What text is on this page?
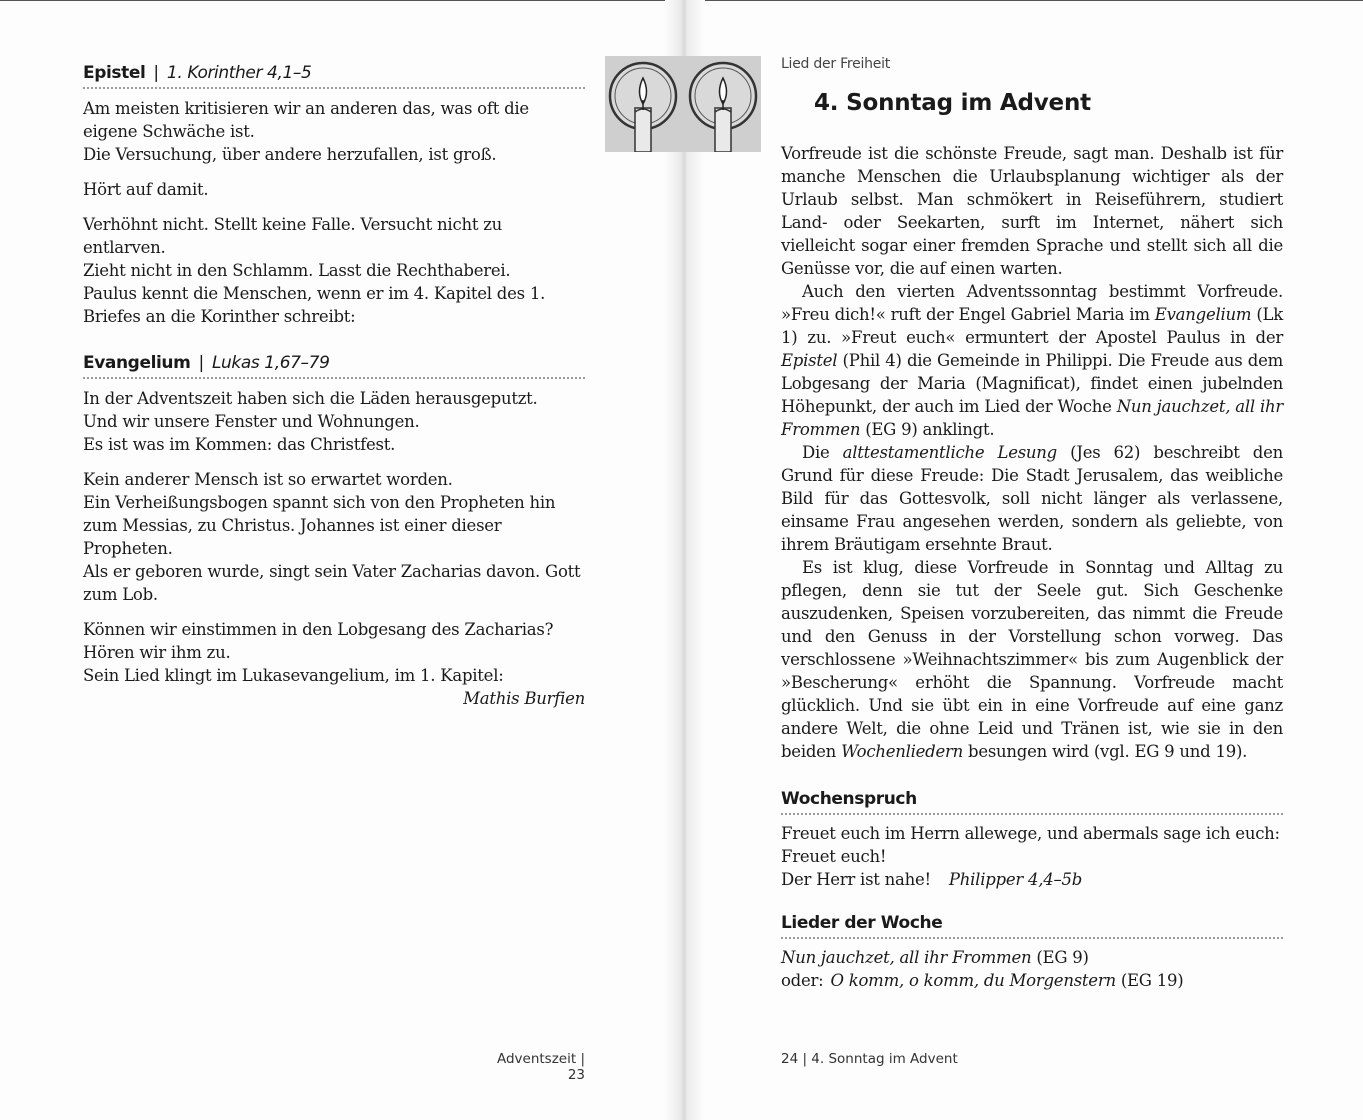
Epistel | 1. Korinther 4,1–5

Am meisten kritisieren wir an anderen das, was oft die eigene Schwäche ist.

Die Versuchung, über andere herzufallen, ist groß.

Hört auf damit.

Verhöhnt nicht. Stellt keine Falle. Versucht nicht zu entlarven.

Zieht nicht in den Schlamm. Lasst die Rechthaberei.

Paulus kennt die Menschen, wenn er im 4. Kapitel des 1. Briefes an die Korinther schreibt:

Evangelium | Lukas 1,67–79

In der Adventszeit haben sich die Läden herausgeputzt.

Und wir unsere Fenster und Wohnungen.

Es ist was im Kommen: das Christfest.

Kein anderer Mensch ist so erwartet worden.

Ein Verheißungsbogen spannt sich von den Propheten hin zum Messias, zu Christus. Johannes ist einer dieser Propheten.

Als er geboren wurde, singt sein Vater Zacharias davon. Gott zum Lob.

Können wir einstimmen in den Lobgesang des Zacharias?

Hören wir ihm zu.

Sein Lied klingt im Lukasevangelium, im 1. Kapitel:

Mathis Burfien

Adventszeit | 23
Lied der Freiheit
4. Sonntag im Advent

Vorfreude ist die schönste Freude, sagt man. Deshalb ist für manche Menschen die Urlaubsplanung wichtiger als der Urlaub selbst. Man schmökert in Reiseführern, studiert Land- oder Seekarten, surft im Internet, nähert sich vielleicht sogar einer fremden Sprache und stellt sich all die Genüsse vor, die auf einen warten.

Auch den vierten Adventssonntag bestimmt Vorfreude. »Freu dich!« ruft der Engel Gabriel Maria im Evangelium (Lk 1) zu. »Freut euch« ermuntert der Apostel Paulus in der Epistel (Phil 4) die Gemeinde in Philippi. Die Freude aus dem Lobgesang der Maria (Magnificat), findet einen jubelnden Höhepunkt, der auch im Lied der Woche Nun jauchzet, all ihr Frommen (EG 9) anklingt.

Die alttestamentliche Lesung (Jes 62) beschreibt den Grund für diese Freude: Die Stadt Jerusalem, das weibliche Bild für das Gottesvolk, soll nicht länger als verlassene, einsame Frau angesehen werden, sondern als geliebte, von ihrem Bräutigam ersehnte Braut.

Es ist klug, diese Vorfreude in Sonntag und Alltag zu pflegen, denn sie tut der Seele gut. Sich Geschenke auszudenken, Speisen vorzubereiten, das nimmt die Freude und den Genuss in der Vorstellung schon vorweg. Das verschlossene »Weihnachtszimmer« bis zum Augenblick der »Bescherung« erhöht die Spannung. Vorfreude macht glücklich. Und sie übt ein in eine Vorfreude auf eine ganz andere Welt, die ohne Leid und Tränen ist, wie sie in den beiden Wochenliedern besungen wird (vgl. EG 9 und 19).

Wochenspruch

Freuet euch im Herrn allewege, und abermals sage ich euch:

Freuet euch!

Der Herr ist nahe! Philipper 4,4–5b

Lieder der Woche

Nun jauchzet, all ihr Frommen (EG 9)

oder: O komm, o komm, du Morgenstern (EG 19)

24 | 4. Sonntag im Advent
